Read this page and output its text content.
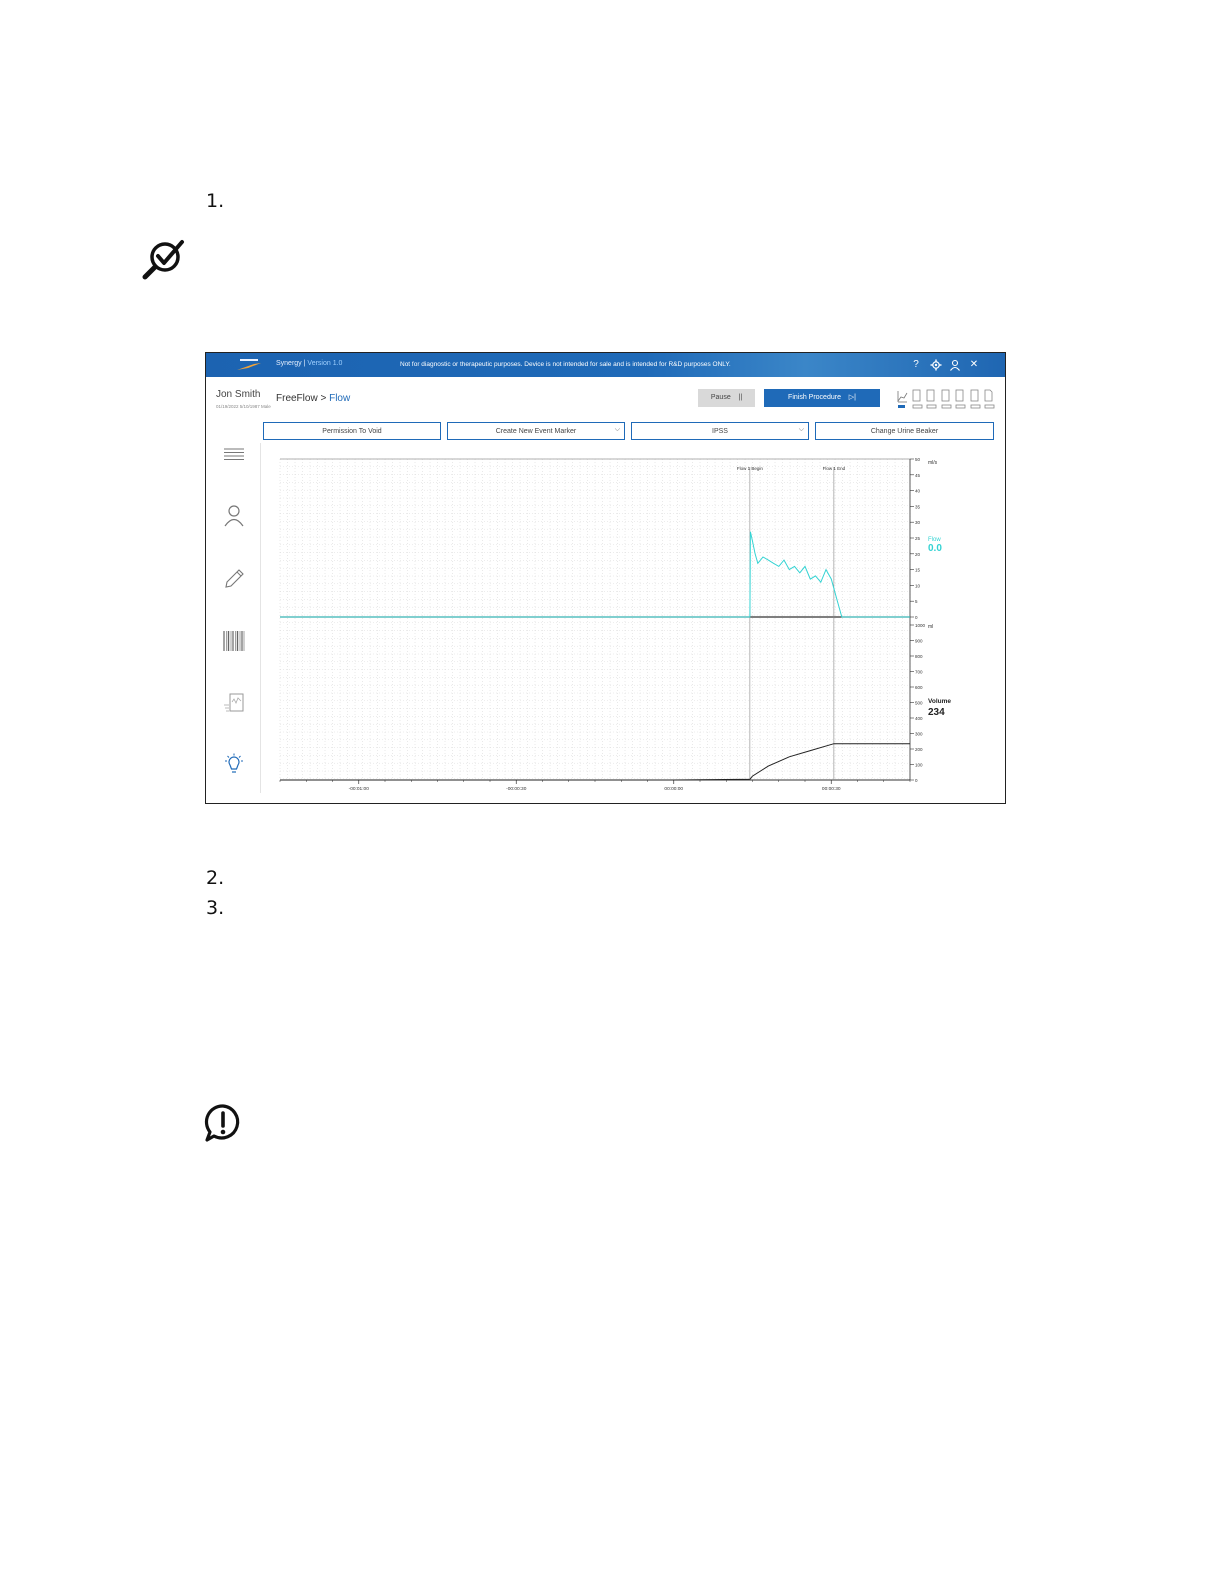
1.
2.
3.
Synergy | Version 1.0	Not for diagnostic or therapeutic purposes. Device is not intended for sale and is intended for R&D purposes ONLY.	?	✕
Jon Smith
01/19/2022 5/10/1987 Male
FreeFlow > Flow	Pause ||	Finish Procedure ▷|
Permission To Void	Create New Event Marker	⌵	IPSS	⌵	Change Urine Beaker
0
5
10
15
20
25
30
35
40
45
50
0
100
200
300
400
500
600
700
800
900
1000
ml/s
ml
-00:01:00	-00:00:30	00:00:00	00:00:30
Flow 1 Begin	Flow 1 End
Flow
0.0
Volume
234
